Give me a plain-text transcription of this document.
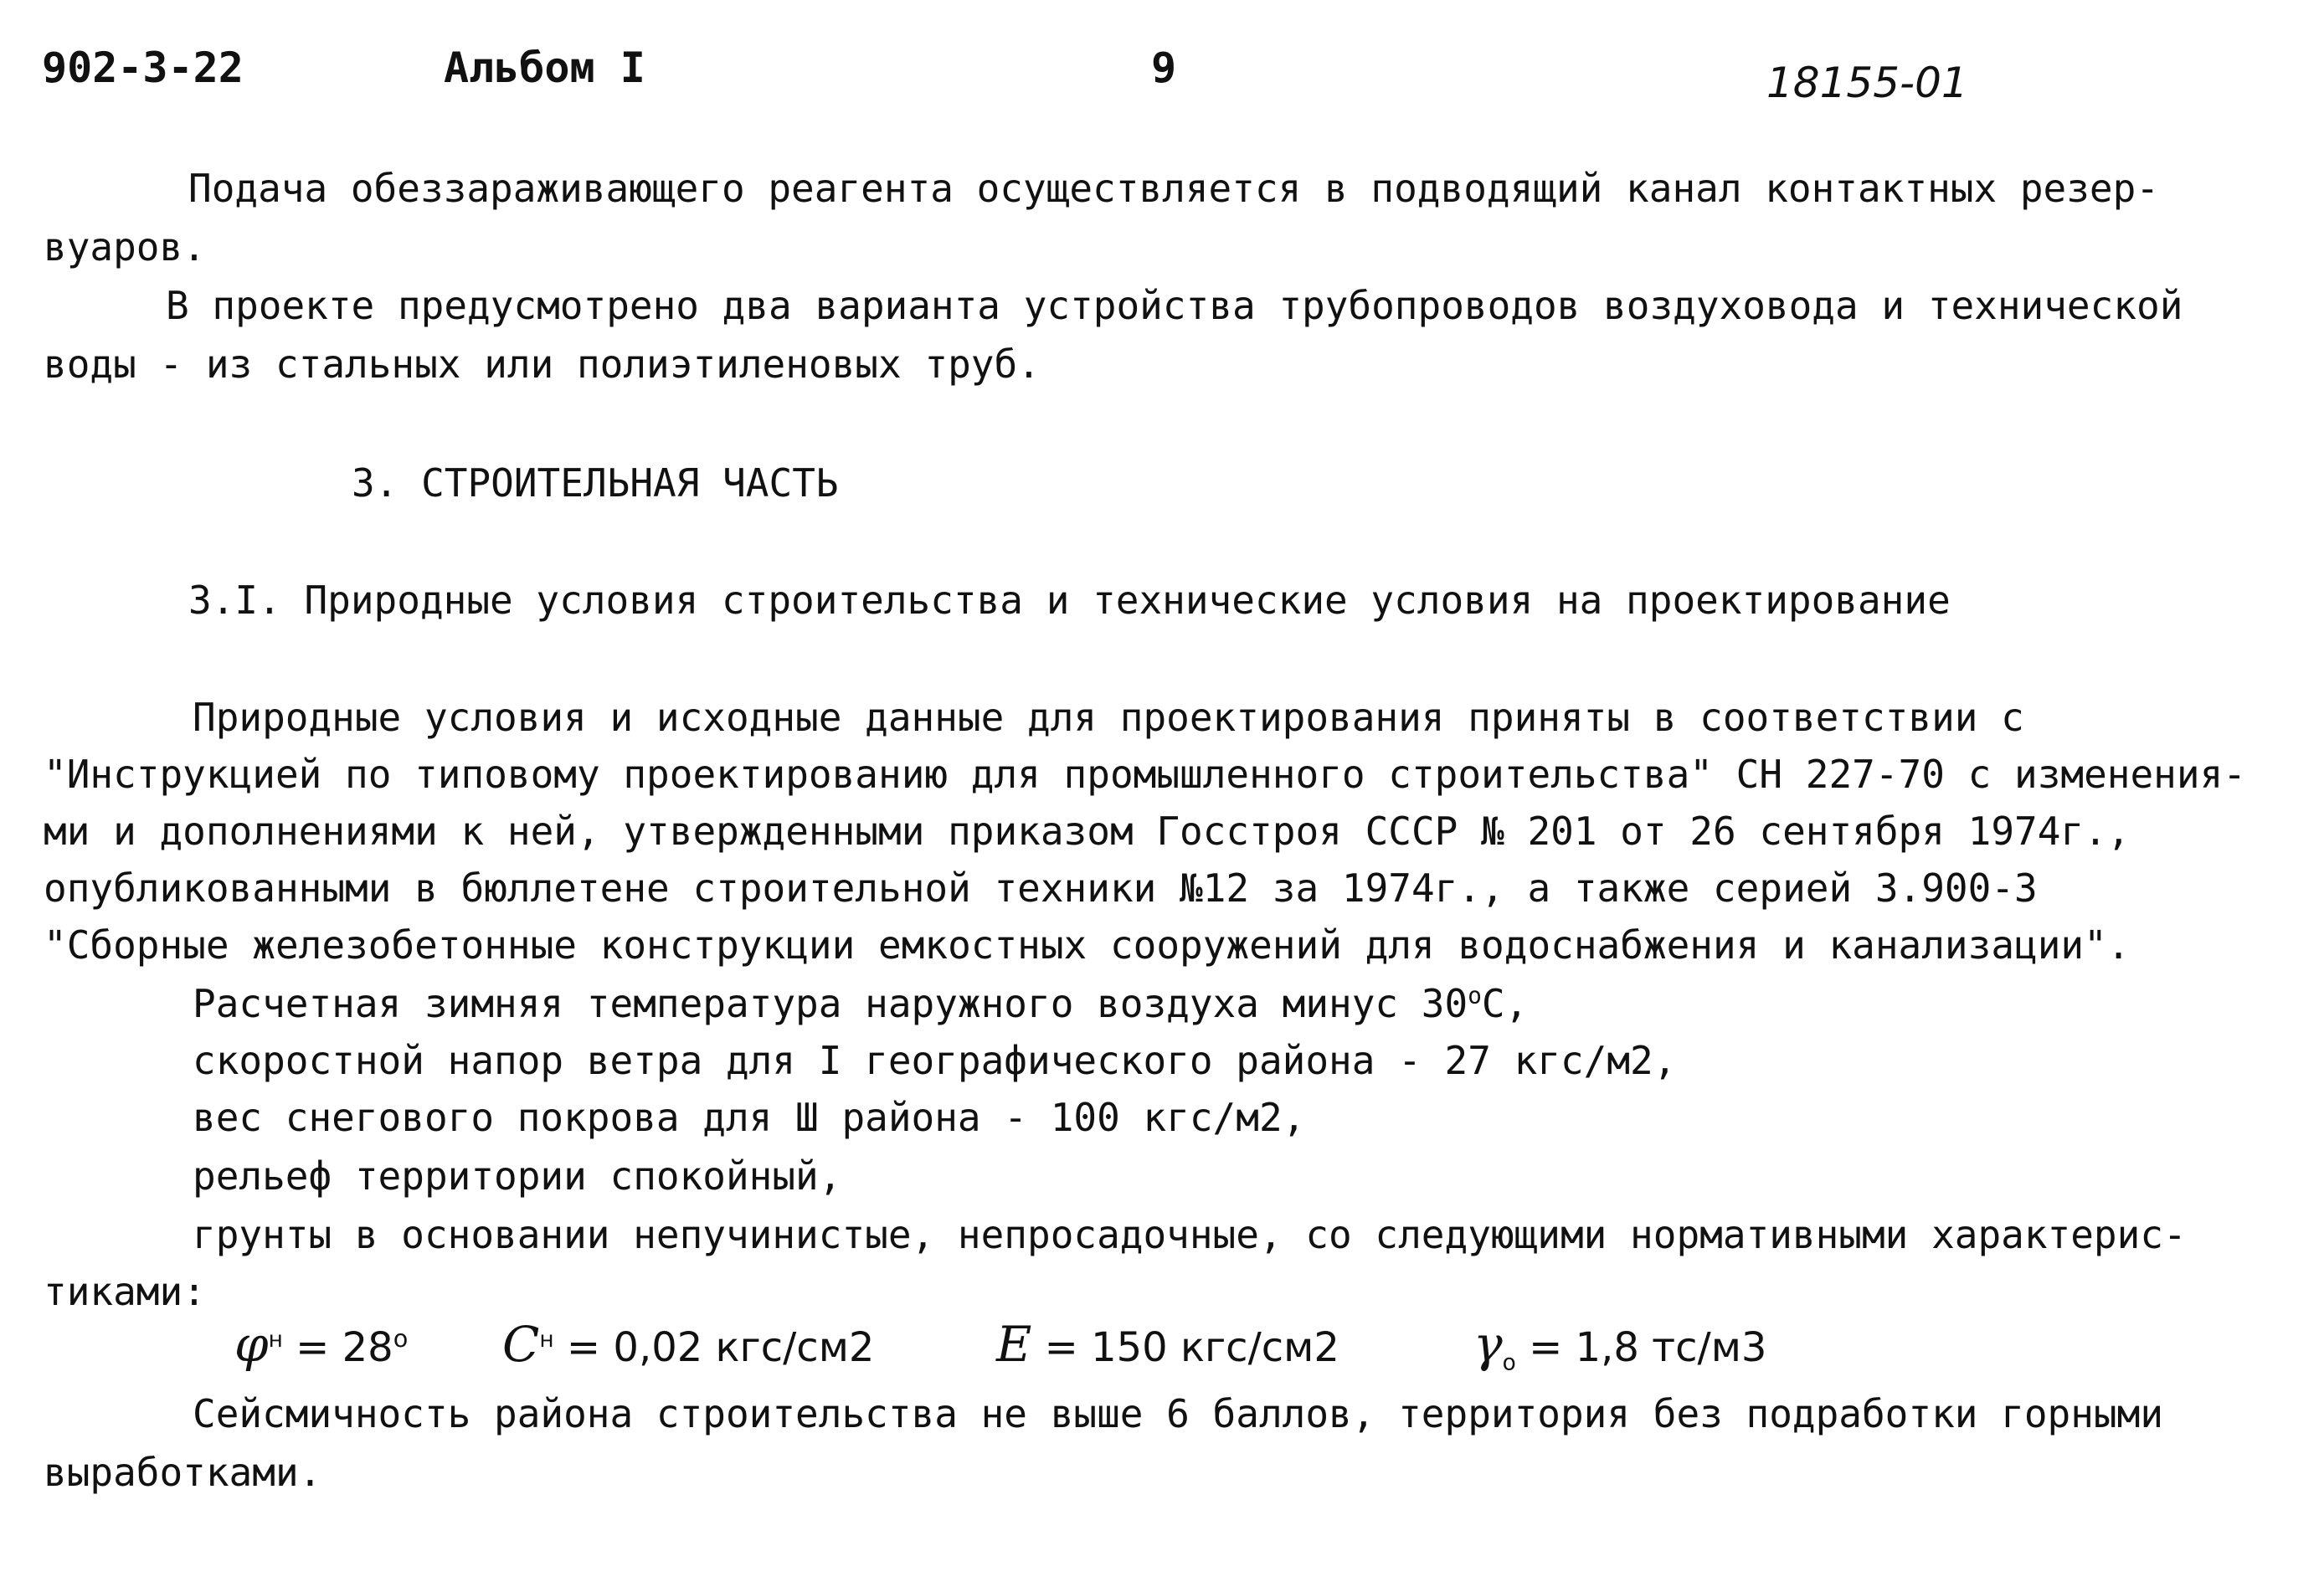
902-3-22	Альбом I	9	18155-01
Подача обеззараживающего реагента осуществляется в подводящий канал контактных резер-
вуаров.
В проекте предусмотрено два варианта устройства трубопроводов воздуховода и технической
воды - из стальных или полиэтиленовых труб.
3. СТРОИТЕЛЬНАЯ ЧАСТЬ
3.I. Природные условия строительства и технические условия на проектирование
Природные условия и исходные данные для проектирования приняты в соответствии с
"Инструкцией по типовому проектированию для промышленного строительства" СН 227-70 с изменения-
ми и дополнениями к ней, утвержденными приказом Госстроя СССР № 201 от 26 сентября 1974г.,
опубликованными в бюллетене строительной техники №12 за 1974г., а также серией 3.900-3
"Сборные железобетонные конструкции емкостных сооружений для водоснабжения и канализации".
Расчетная зимняя температура наружного воздуха минус $30^оС$,
скоростной напор ветра для I географического района - 27 кгс/м2,
вес снегового покрова для Ш района - 100 кгс/м2,
рельеф территории спокойный,
грунты в основании непучинистые, непросадочные, со следующими нормативными характерис-
тиками:
$\varphi^н = 28^о$ $С^н = 0,02$ кгс/см2	Е = 150 кгс/см2	$\gamma_о = 1,8$ тс/м3
Сейсмичность района строительства не выше 6 баллов, территория без подработки горными
выработками.
